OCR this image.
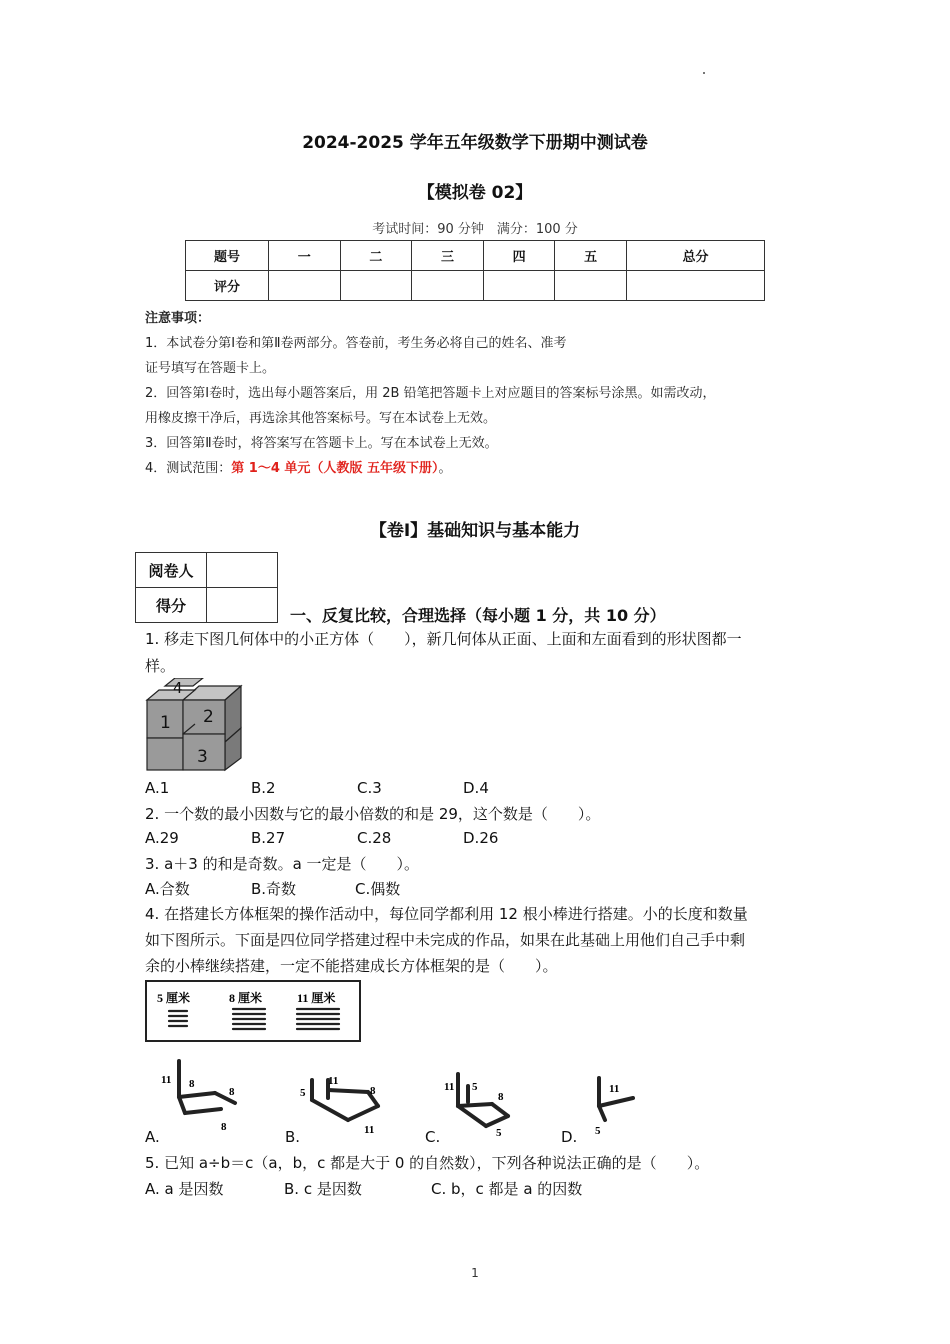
2024-2025 学年五年级数学下册期中测试卷
【模拟卷 02】
考试时间：90 分钟　满分：100 分
题号	一	二	三	四	五	总分
评分						
注意事项：
1．本试卷分第Ⅰ卷和第Ⅱ卷两部分。答卷前，考生务必将自己的姓名、准考
证号填写在答题卡上。
2．回答第Ⅰ卷时，选出每小题答案后，用 2B 铅笔把答题卡上对应题目的答案标号涂黑。如需改动，
用橡皮擦干净后，再选涂其他答案标号。写在本试卷上无效。
3．回答第Ⅱ卷时，将答案写在答题卡上。写在本试卷上无效。
4．测试范围：第 1～4 单元（人教版 五年级下册）。
【卷Ⅰ】基础知识与基本能力
阅卷人	
得分	
一、反复比较，合理选择（每小题 1 分，共 10 分）
1. 移走下图几何体中的小正方体（　　），新几何体从正面、上面和左面看到的形状图都一
样。
4
1 2
3
A.1	B.2	C.3	D.4
2. 一个数的最小因数与它的最小倍数的和是 29，这个数是（　　）。
A.29	B.27	C.28	D.26
3. a＋3 的和是奇数。a 一定是（　　）。
A.合数	B.奇数	C.偶数
4. 在搭建长方体框架的操作活动中，每位同学都利用 12 根小棒进行搭建。小的长度和数量
如下图所示。下面是四位同学搭建过程中未完成的作品，如果在此基础上用他们自己手中剩
余的小棒继续搭建，一定不能搭建成长方体框架的是（　　）。
5 厘米	8 厘米	11 厘米
11 8
8
8
5
11
8
11
11 5
8
5
11
5
A.	B.	C.	D.
5. 已知 a÷b＝c（a，b，c 都是大于 0 的自然数），下列各种说法正确的是（　　）。
A. a 是因数	B. c 是因数	C. b，c 都是 a 的因数
1
